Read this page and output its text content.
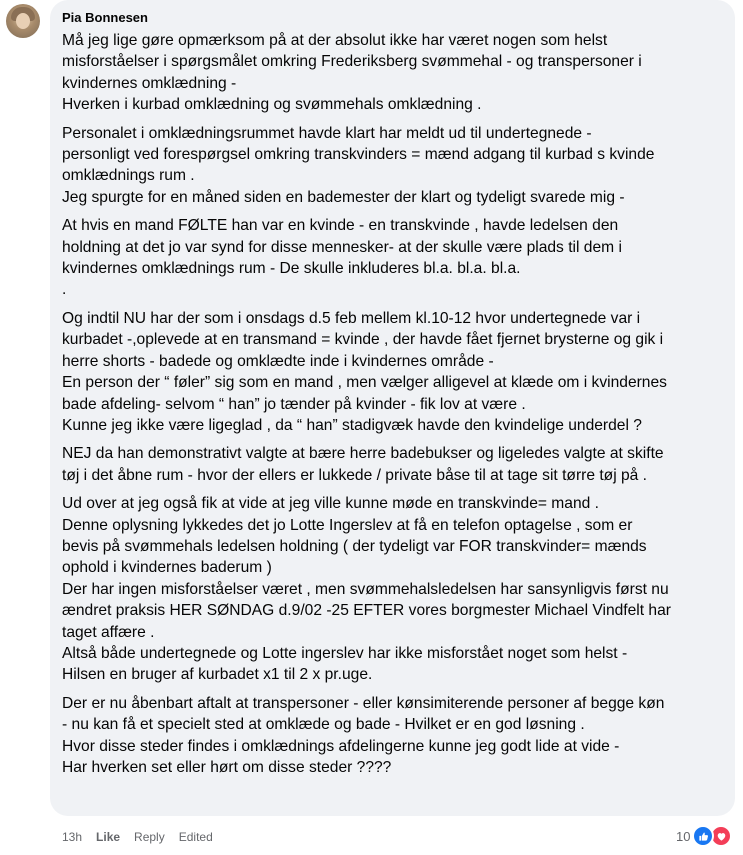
Pia Bonnesen

Må jeg lige gøre opmærksom på at der absolut ikke har været nogen som helst
misforståelser i spørgsmålet omkring Frederiksberg svømmehal - og transpersoner i
kvindernes omklædning -
Hverken i kurbad omklædning og svømmehals omklædning .

Personalet i omklædningsrummet havde klart har meldt ud til undertegnede -
personligt ved forespørgsel omkring transkvinders = mænd adgang til kurbad s kvinde
omklædnings rum .
Jeg spurgte for en måned siden en bademester der klart og tydeligt svarede mig -

At hvis en mand FØLTE han var en kvinde - en transkvinde , havde ledelsen den
holdning at det jo var synd for disse mennesker- at der skulle være plads til dem i
kvindernes omklædnings rum - De skulle inkluderes bl.a. bl.a. bl.a.
.

Og indtil NU har der som i onsdags d.5 feb mellem kl.10-12 hvor undertegnede var i
kurbadet -,oplevede at en transmand = kvinde , der havde fået fjernet brysterne og gik i
herre shorts - badede og omklædte inde i kvindernes område -
En person der “ føler” sig som en mand , men vælger alligevel at klæde om i kvindernes
bade afdeling- selvom “ han” jo tænder på kvinder - fik lov at være .
Kunne jeg ikke være ligeglad , da “ han” stadigvæk havde den kvindelige underdel ?

NEJ da han demonstrativt valgte at bære herre badebukser og ligeledes valgte at skifte
tøj i det åbne rum - hvor der ellers er lukkede / private båse til at tage sit tørre tøj på .

Ud over at jeg også fik at vide at jeg ville kunne møde en transkvinde= mand .
Denne oplysning lykkedes det jo Lotte Ingerslev at få en telefon optagelse , som er
bevis på svømmehals ledelsen holdning ( der tydeligt var FOR transkvinder= mænds
ophold i kvindernes baderum )
Der har ingen misforståelser været , men svømmehalsledelsen har sansynligvis først nu
ændret praksis HER SØNDAG d.9/02 -25 EFTER vores borgmester Michael Vindfelt har
taget affære .
Altså både undertegnede og Lotte ingerslev har ikke misforstået noget som helst -
Hilsen en bruger af kurbadet x1 til 2 x pr.uge.

Der er nu åbenbart aftalt at transpersoner - eller kønsimiterende personer af begge køn
- nu kan få et specielt sted at omklæde og bade - Hvilket er en god løsning .
Hvor disse steder findes i omklædnings afdelingerne kunne jeg godt lide at vide -
Har hverken set eller hørt om disse steder ????

13h Like Reply Edited	10
